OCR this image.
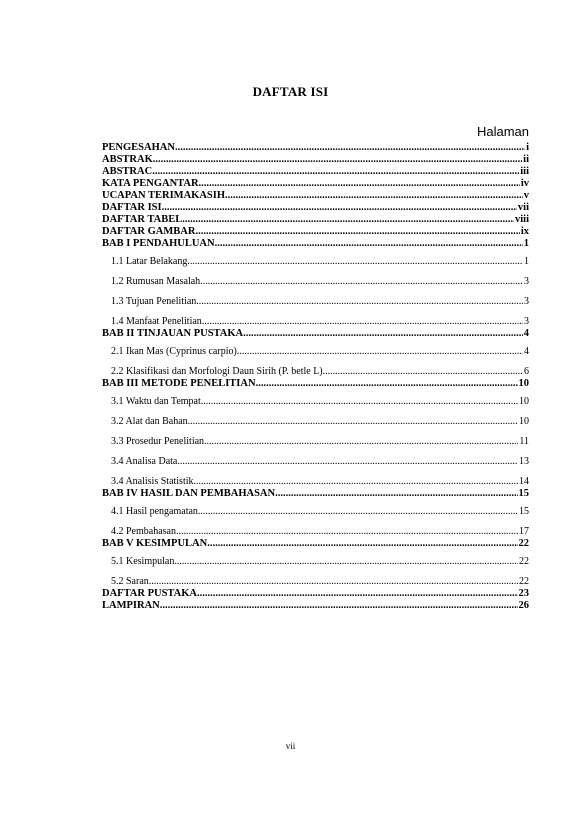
DAFTAR ISI
Halaman
PENGESAHAN .....	i
ABSTRAK .....	ii
ABSTRAC .....	iii
KATA PENGANTAR .....	iv
UCAPAN TERIMAKASIH .....	v
DAFTAR ISI .....	vii
DAFTAR TABEL .....	viii
DAFTAR GAMBAR .....	ix
BAB I PENDAHULUAN .....	1
1.1 Latar Belakang .....	1
1.2 Rumusan Masalah .....	3
1.3 Tujuan Penelitian .....	3
1.4 Manfaat Penelitian .....	3
BAB II TINJAUAN PUSTAKA .....	4
2.1 Ikan Mas (Cyprinus carpio) .....	4
2.2 Klasifikasi dan Morfologi Daun Sirih (P. betle L) .....	6
BAB III METODE PENELITIAN .....	10
3.1 Waktu dan Tempat .....	10
3.2 Alat dan Bahan .....	10
3.3 Prosedur Penelitian .....	11
3.4 Analisa Data .....	13
3.4 Analisis Statistik .....	14
BAB IV HASIL DAN PEMBAHASAN .....	15
4.1 Hasil pengamatan .....	15
4.2 Pembahasan .....	17
BAB V KESIMPULAN .....	22
5.1 Kesimpulan .....	22
5.2 Saran .....	22
DAFTAR PUSTAKA .....	23
LAMPIRAN .....	26
vii
